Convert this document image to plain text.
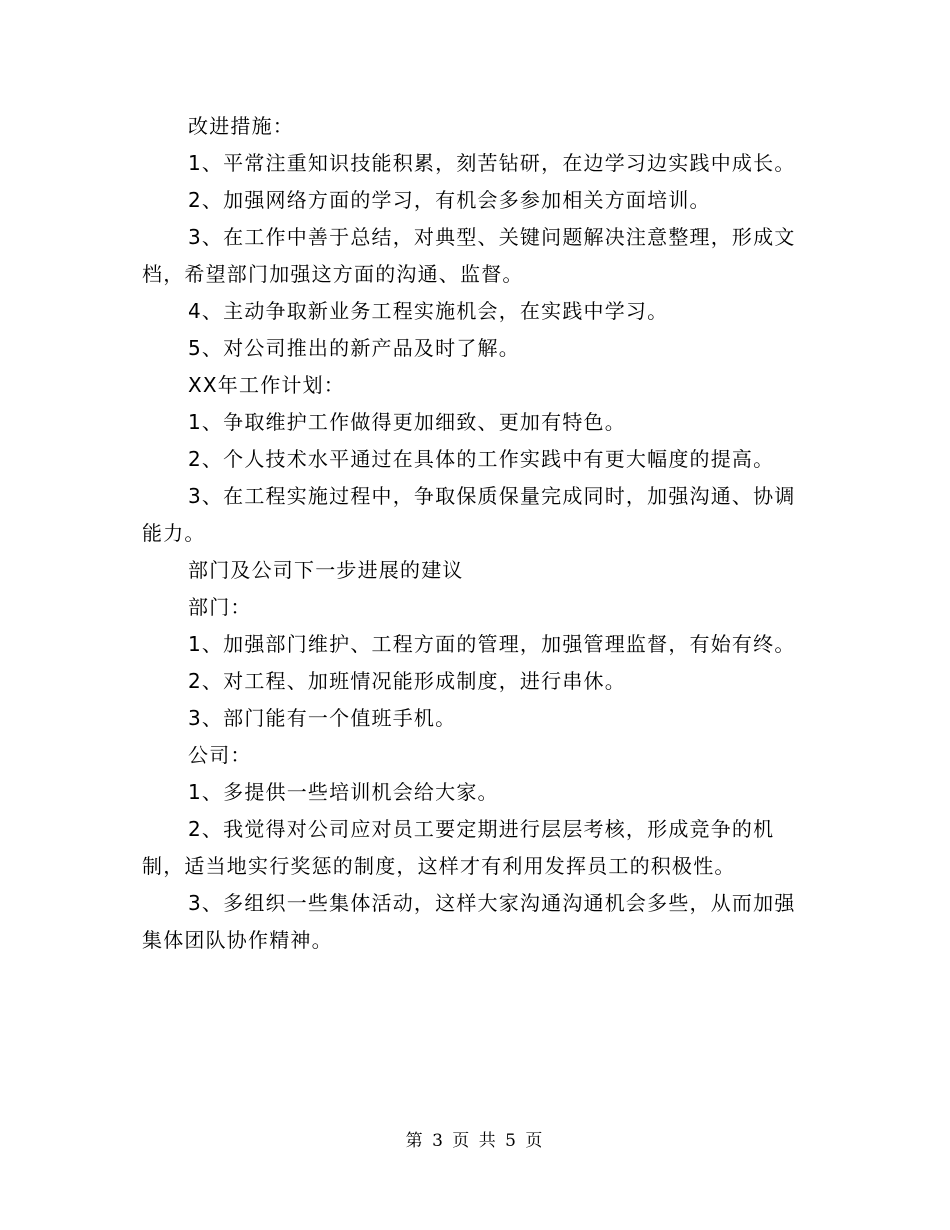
改进措施：

1、平常注重知识技能积累，刻苦钻研，在边学习边实践中成长。

2、加强网络方面的学习，有机会多参加相关方面培训。

3、在工作中善于总结，对典型、关键问题解决注意整理，形成文档，希望部门加强这方面的沟通、监督。

4、主动争取新业务工程实施机会，在实践中学习。

5、对公司推出的新产品及时了解。

XX年工作计划：

1、争取维护工作做得更加细致、更加有特色。

2、个人技术水平通过在具体的工作实践中有更大幅度的提高。

3、在工程实施过程中，争取保质保量完成同时，加强沟通、协调能力。

部门及公司下一步进展的建议

部门：

1、加强部门维护、工程方面的管理，加强管理监督，有始有终。

2、对工程、加班情况能形成制度，进行串休。

3、部门能有一个值班手机。

公司：

1、多提供一些培训机会给大家。

2、我觉得对公司应对员工要定期进行层层考核，形成竞争的机制，适当地实行奖惩的制度，这样才有利用发挥员工的积极性。

3、多组织一些集体活动，这样大家沟通沟通机会多些，从而加强集体团队协作精神。

第 3 页 共 5 页
